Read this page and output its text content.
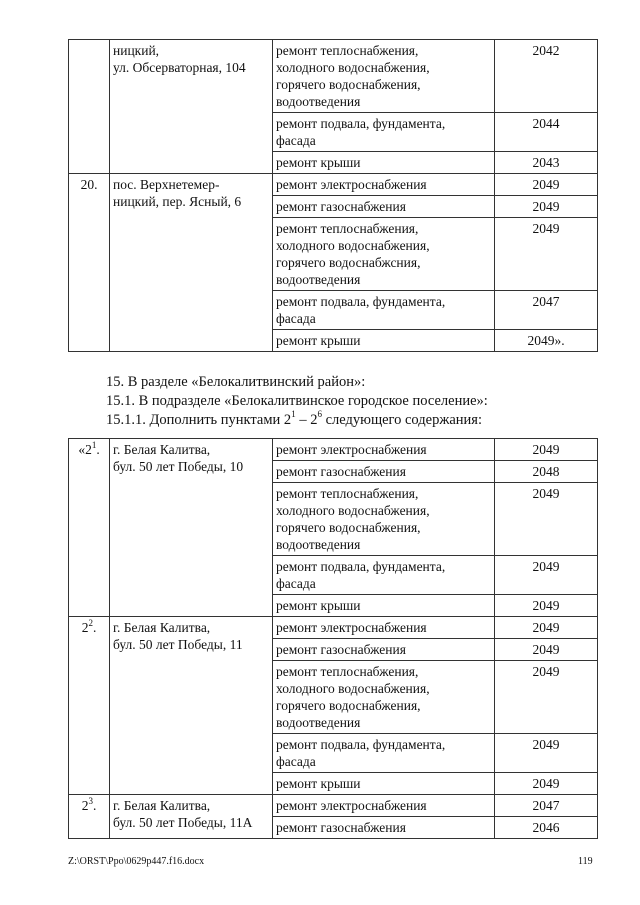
	ницкий,
ул. Обсерваторная, 104	ремонт теплоснабжения,
холодного водоснабжения,
горячего водоснабжения,
водоотведения	2042
		ремонт подвала, фундамента,
фасада	2044
		ремонт крыши	2043
20.	пос. Верхнетемер-
ницкий, пер. Ясный, 6	ремонт электроснабжения	2049
		ремонт газоснабжения	2049
		ремонт теплоснабжения,
холодного водоснабжения,
горячего водоснабжсния,
водоотведения	2049
		ремонт подвала, фундамента,
фасада	2047
		ремонт крыши	2049».
15. В разделе «Белокалитвинский район»:
15.1. В подразделе «Белокалитвинское городское поселение»:
15.1.1. Дополнить пунктами $2^1 - 2^6$ следующего содержания:
«$2^1$.	г. Белая Калитва,
бул. 50 лет Победы, 10	ремонт электроснабжения	2049
		ремонт газоснабжения	2048
		ремонт теплоснабжения,
холодного водоснабжения,
горячего водоснабжения,
водоотведения	2049
		ремонт подвала, фундамента,
фасада	2049
		ремонт крыши	2049
$2^2$.	г. Белая Калитва,
бул. 50 лет Победы, 11	ремонт электроснабжения	2049
		ремонт газоснабжения	2049
		ремонт теплоснабжения,
холодного водоснабжения,
горячего водоснабжения,
водоотведения	2049
		ремонт подвала, фундамента,
фасада	2049
		ремонт крыши	2049
$2^3$.	г. Белая Калитва,
бул. 50 лет Победы, 11А	ремонт электроснабжения	2047
		ремонт газоснабжения	2046
Z:\ORST\Ppo\0629p447.f16.docx	119
